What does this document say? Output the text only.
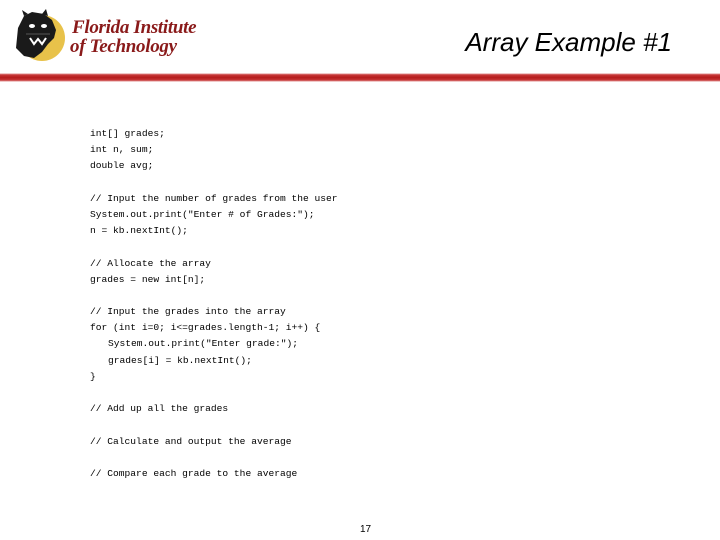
Florida Institute
of Technology	Array Example #1
int[] grades;
int n, sum;
double avg;
// Input the number of grades from the user
System.out.print("Enter # of Grades:");
n = kb.nextInt();
// Allocate the array
grades = new int[n];
// Input the grades into the array
for (int i=0; i<=grades.length-1; i++) {
System.out.print("Enter grade:");
grades[i] = kb.nextInt();
}
// Add up all the grades
// Calculate and output the average
// Compare each grade to the average
17
